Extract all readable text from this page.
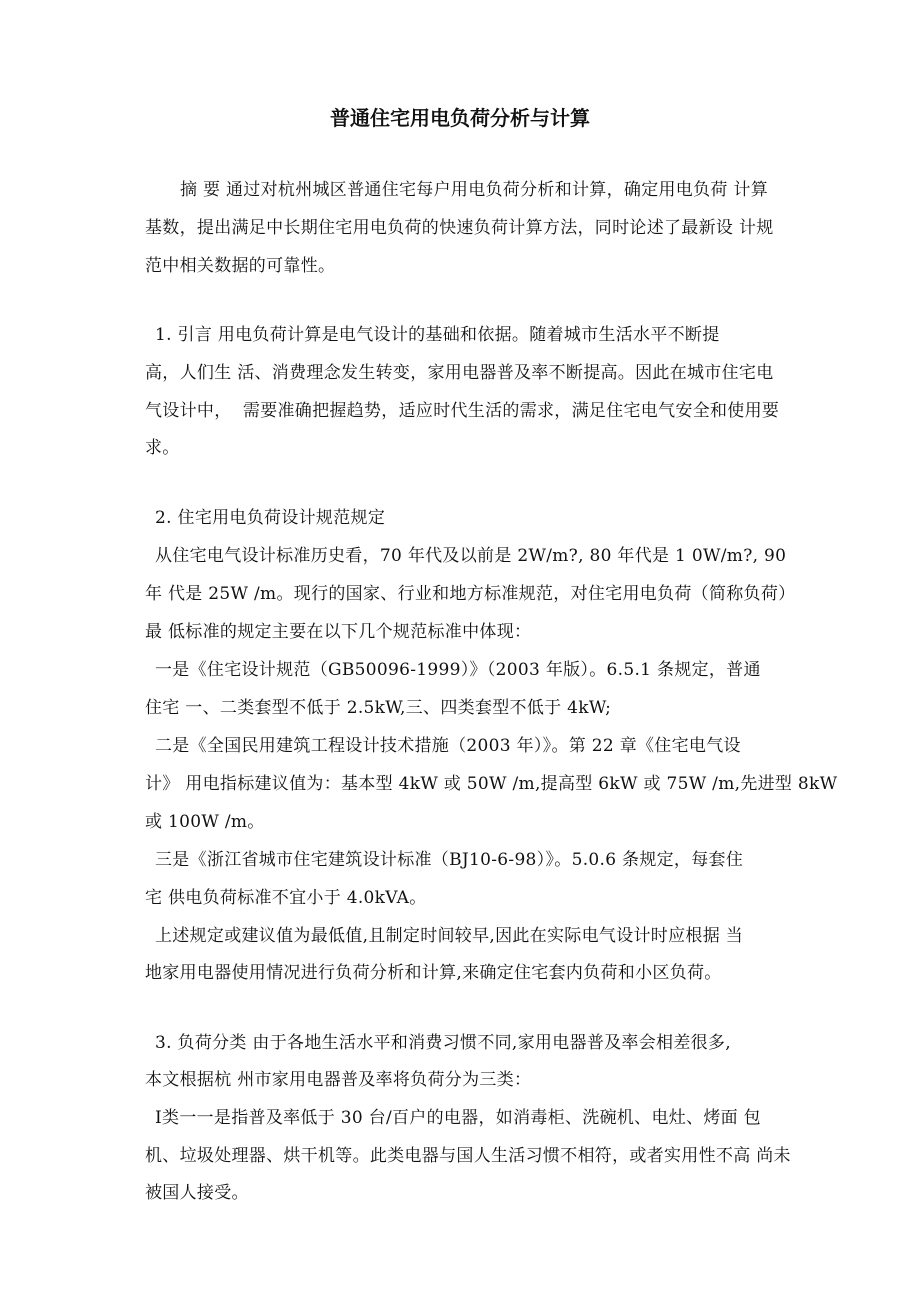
普通住宅用电负荷分析与计算
摘 要 通过对杭州城区普通住宅每户用电负荷分析和计算，确定用电负荷 计算
基数，提出满足中长期住宅用电负荷的快速负荷计算方法，同时论述了最新设 计规
范中相关数据的可靠性。
1. 引言 用电负荷计算是电气设计的基础和依据。随着城市生活水平不断提
高，人们生 活、消费理念发生转变，家用电器普及率不断提高。因此在城市住宅电
气设计中，  需要准确把握趋势，适应时代生活的需求，满足住宅电气安全和使用要
求。
2. 住宅用电负荷设计规范规定
从住宅电气设计标准历史看，70 年代及以前是 2W/m?, 80 年代是 1 0W/m?, 90
年 代是 25W /m。现行的国家、行业和地方标准规范，对住宅用电负荷（简称负荷）
最 低标准的规定主要在以下几个规范标准中体现：
一是《住宅设计规范（GB50096-1999）》（2003 年版）。6.5.1 条规定，普通
住宅 一、二类套型不低于 2.5kW,三、四类套型不低于 4kW;
二是《全国民用建筑工程设计技术措施（2003 年）》。第 22 章《住宅电气设
计》 用电指标建议值为：基本型 4kW 或 50W /m,提高型 6kW 或 75W /m,先进型 8kW
或 100W /m。
三是《浙江省城市住宅建筑设计标准（BJ10-6-98）》。5.0.6 条规定，每套住
宅 供电负荷标准不宜小于 4.0kVA。
上述规定或建议值为最低值,且制定时间较早,因此在实际电气设计时应根据 当
地家用电器使用情况进行负荷分析和计算,来确定住宅套内负荷和小区负荷。
3. 负荷分类 由于各地生活水平和消费习惯不同,家用电器普及率会相差很多,
本文根据杭 州市家用电器普及率将负荷分为三类：
Ⅰ类一一是指普及率低于 30 台/百户的电器，如消毒柜、洗碗机、电灶、烤面 包
机、垃圾处理器、烘干机等。此类电器与国人生活习惯不相符，或者实用性不高 尚未
被国人接受。
